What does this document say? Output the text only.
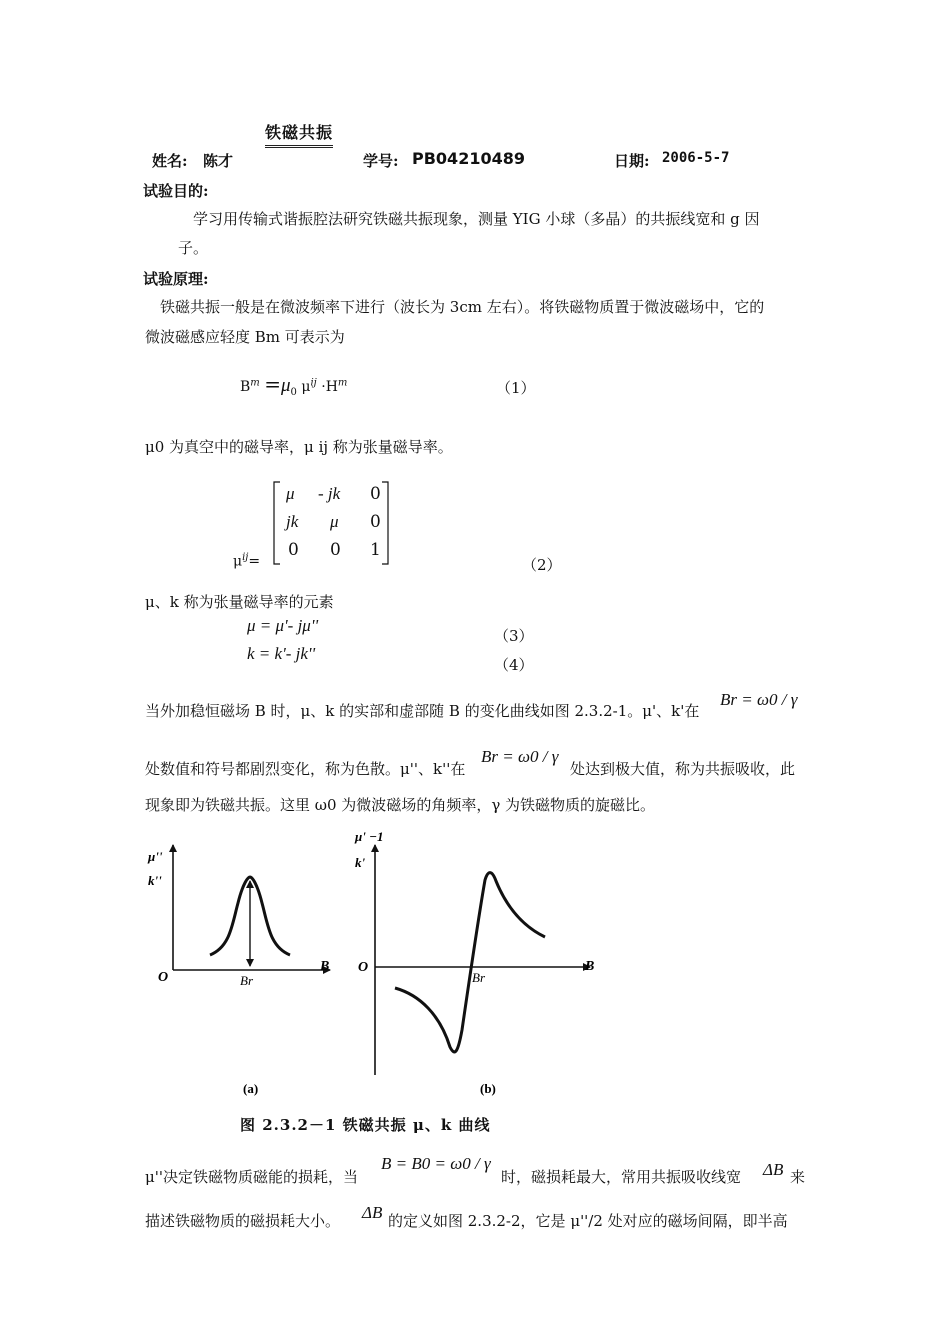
铁磁共振
姓名: 陈才	学号: PB04210489	日期: 2006-5-7
试验目的:
学习用传输式谐振腔法研究铁磁共振现象，测量 YIG 小球（多晶）的共振线宽和 g 因
子。
试验原理:
铁磁共振一般是在微波频率下进行（波长为 3cm 左右）。将铁磁物质置于微波磁场中，它的
微波磁感应轻度 Bm 可表示为
$B^m =\mu_0$ $\mu^{ij} \cdot H^m$	（1）
μ0 为真空中的磁导率，μ ij 称为张量磁导率。
$\mu^{ij}=$
μ - jk 0
jk μ 0
0 0 1
（2）
μ、k 称为张量磁导率的元素
μ = μ'- jμ''
（3）
k = k'- jk''
（4）
当外加稳恒磁场 B 时，μ、k 的实部和虚部随 B 的变化曲线如图 2.3.2-1。μ'、k'在
Br = ω0 / γ
处数值和符号都剧烈变化，称为色散。μ''、k''在
Br = ω0 / γ
处达到极大值，称为共振吸收，此
现象即为铁磁共振。这里 ω0 为微波磁场的角频率，γ 为铁磁物质的旋磁比。
μ''
k''
O
B
Br
(a)
μ' −1
k'
O	B
Br
(b)
图 2.3.2－1 铁磁共振 μ、k 曲线
μ''决定铁磁物质磁能的损耗，当
B = B0 = ω0 / γ
时，磁损耗最大，常用共振吸收线宽 ΔB 来
描述铁磁物质的磁损耗大小。 ΔB 的定义如图 2.3.2-2，它是 μ''/2 处对应的磁场间隔，即半高
